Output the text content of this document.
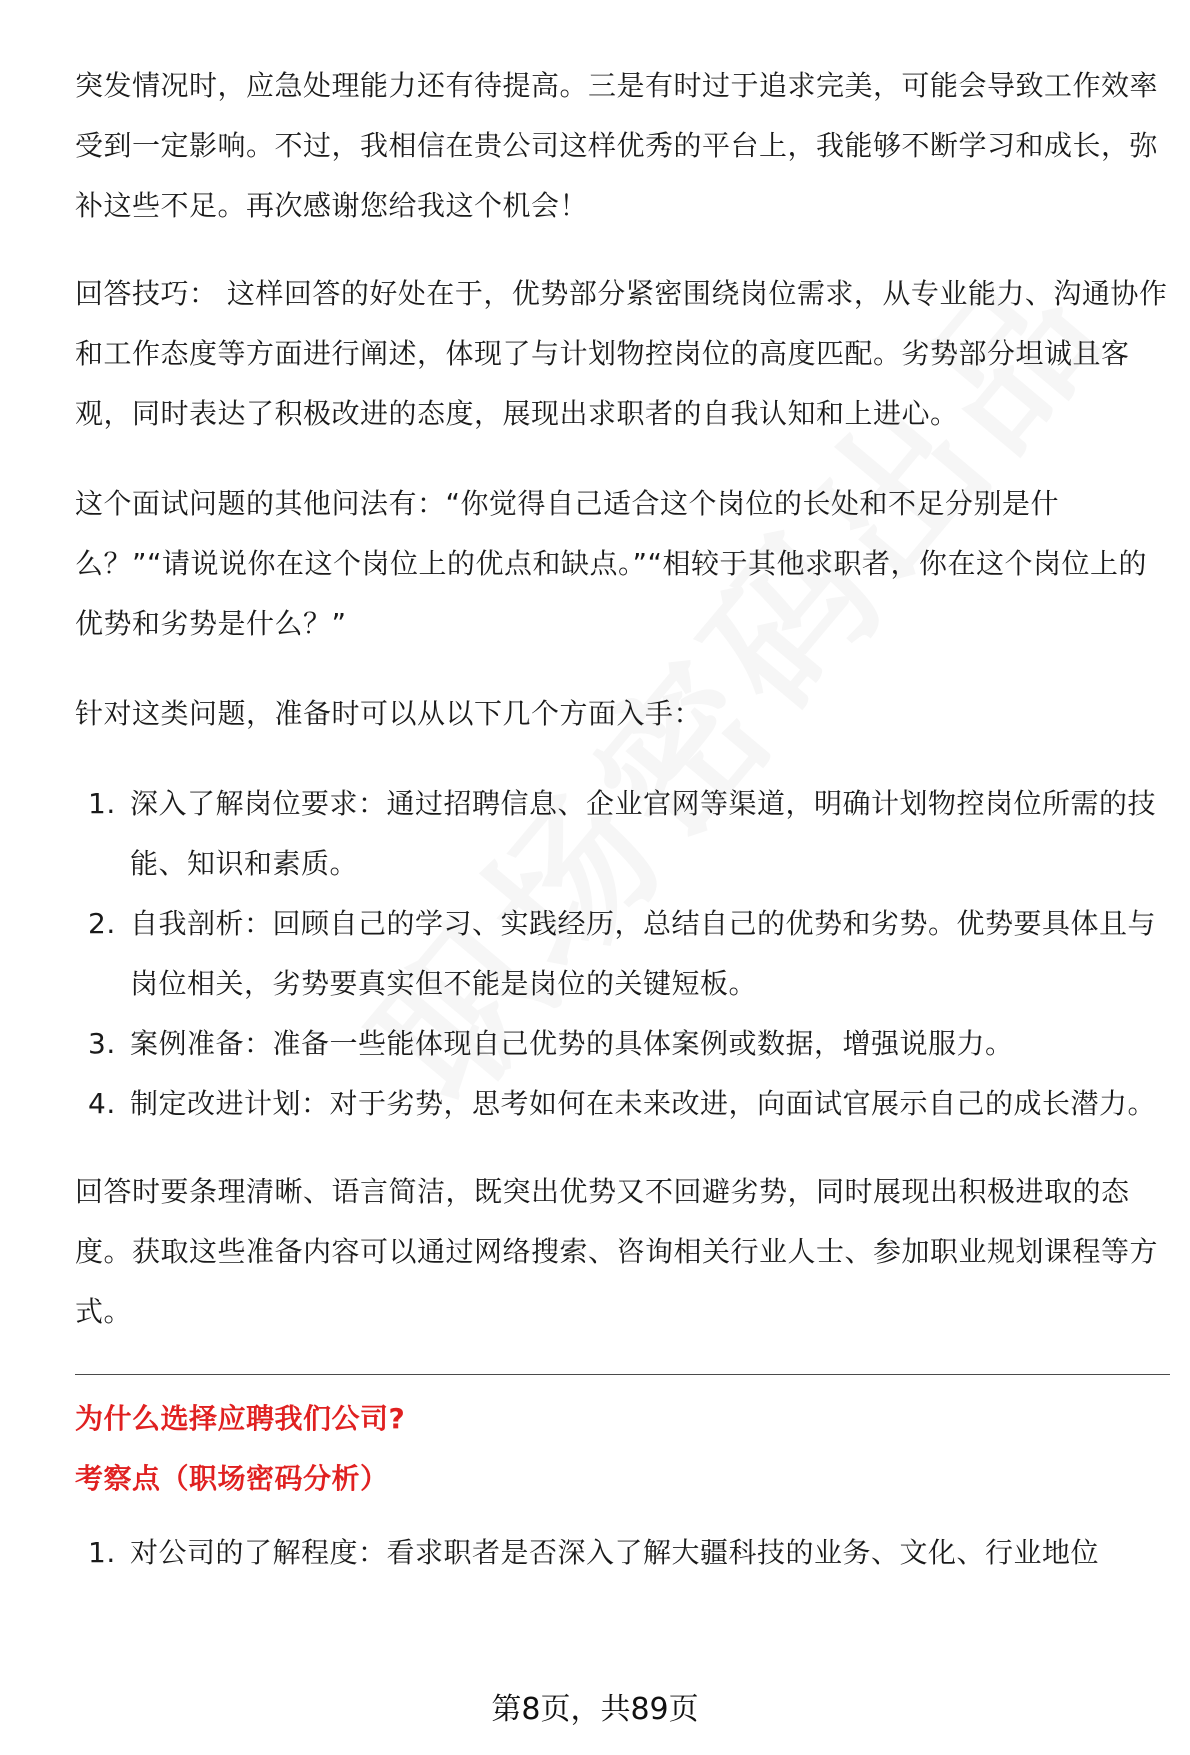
突发情况时，应急处理能力还有待提高。三是有时过于追求完美，可能会导致工作效率受到一定影响。不过，我相信在贵公司这样优秀的平台上，我能够不断学习和成长，弥补这些不足。再次感谢您给我这个机会！

回答技巧： 这样回答的好处在于，优势部分紧密围绕岗位需求，从专业能力、沟通协作和工作态度等方面进行阐述，体现了与计划物控岗位的高度匹配。劣势部分坦诚且客观，同时表达了积极改进的态度，展现出求职者的自我认知和上进心。

这个面试问题的其他问法有：“你觉得自己适合这个岗位的长处和不足分别是什么？”“请说说你在这个岗位上的优点和缺点。”“相较于其他求职者，你在这个岗位上的优势和劣势是什么？”

针对这类问题，准备时可以从以下几个方面入手：

1. 深入了解岗位要求：通过招聘信息、企业官网等渠道，明确计划物控岗位所需的技能、知识和素质。
2. 自我剖析：回顾自己的学习、实践经历，总结自己的优势和劣势。优势要具体且与岗位相关，劣势要真实但不能是岗位的关键短板。
3. 案例准备：准备一些能体现自己优势的具体案例或数据，增强说服力。
4. 制定改进计划：对于劣势，思考如何在未来改进，向面试官展示自己的成长潜力。

回答时要条理清晰、语言简洁，既突出优势又不回避劣势，同时展现出积极进取的态度。获取这些准备内容可以通过网络搜索、咨询相关行业人士、参加职业规划课程等方式。

为什么选择应聘我们公司?
考察点（职场密码分析）
1. 对公司的了解程度：看求职者是否深入了解大疆科技的业务、文化、行业地位
第8页，共89页
